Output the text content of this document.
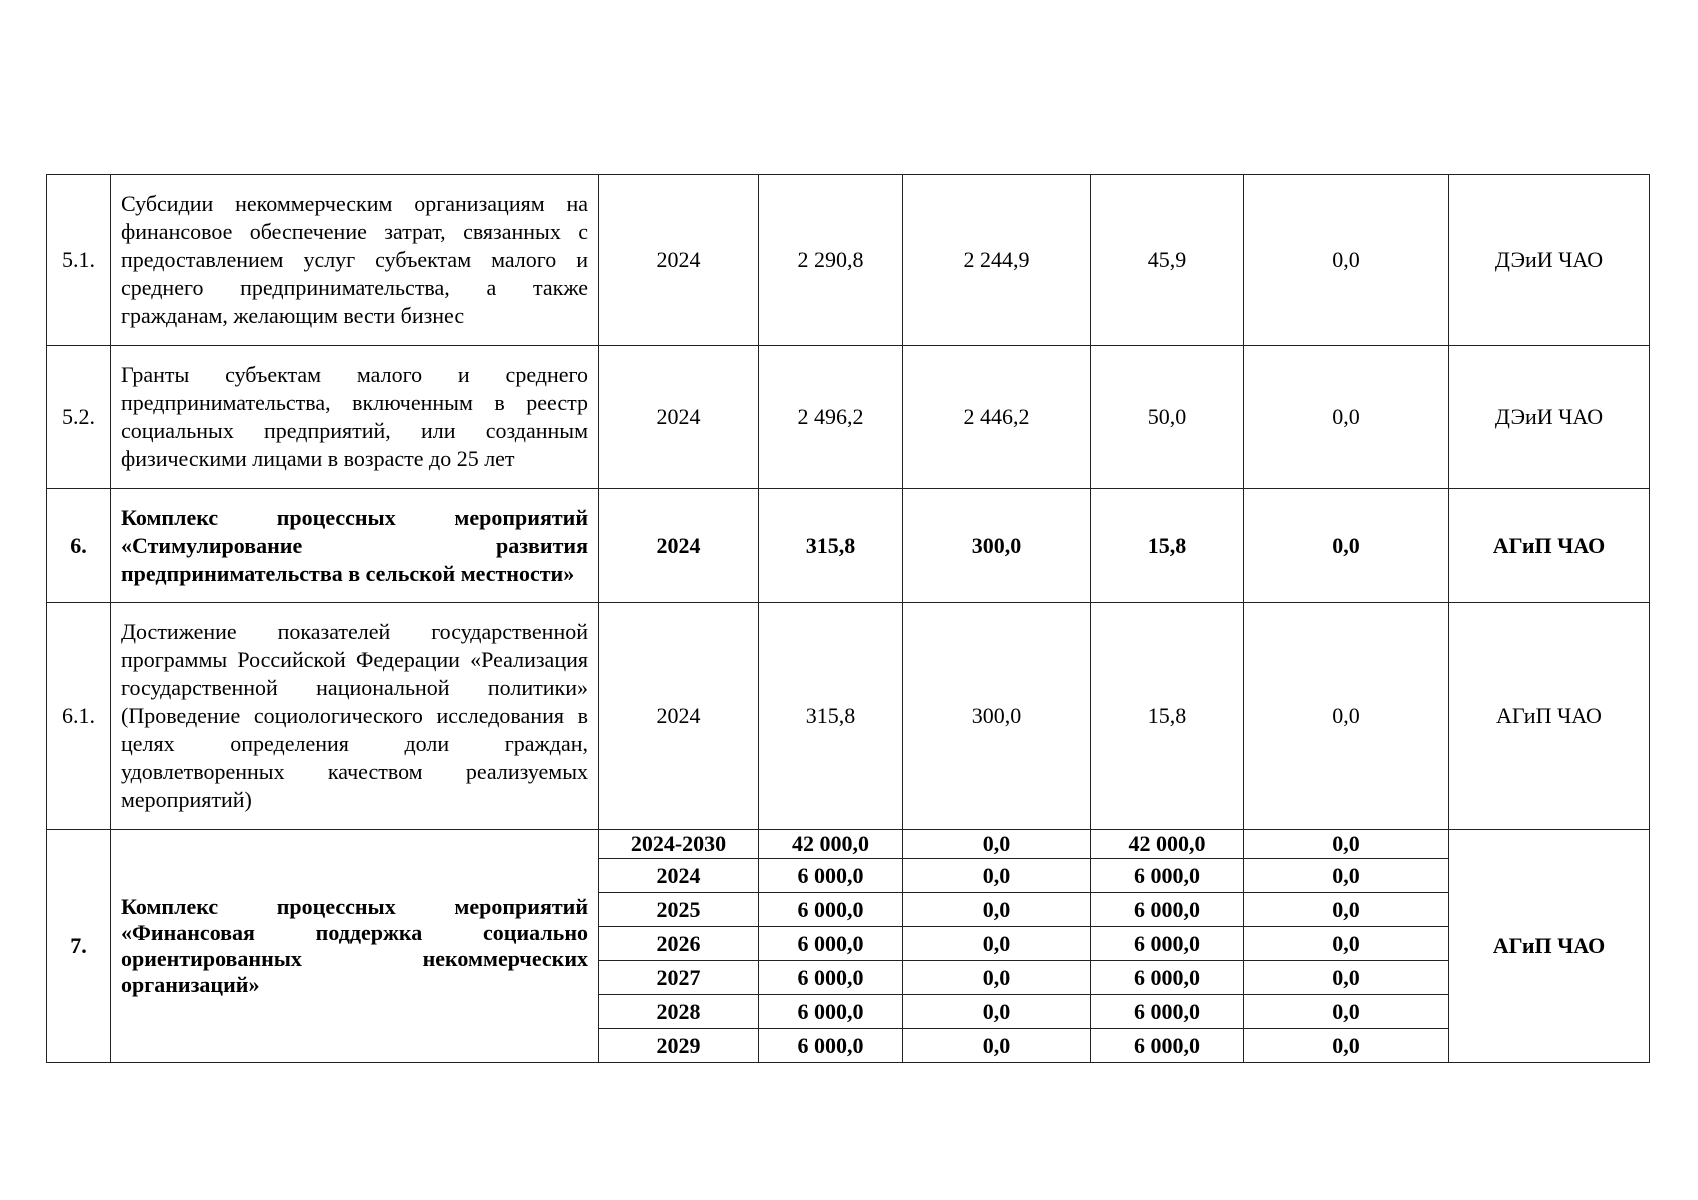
5.1.	Субсидии некоммерческим организациям на финансовое обеспечение затрат, связанных с предоставлением услуг субъектам малого и среднего предпринимательства, а также гражданам, желающим вести бизнес	2024	2 290,8	2 244,9	45,9	0,0	ДЭиИ ЧАО
5.2.	Гранты субъектам малого и среднего предпринимательства, включенным в реестр социальных предприятий, или созданным физическими лицами в возрасте до 25 лет	2024	2 496,2	2 446,2	50,0	0,0	ДЭиИ ЧАО
6.	Комплекс процессных мероприятий «Стимулирование развития предпринимательства в сельской местности»	2024	315,8	300,0	15,8	0,0	АГиП ЧАО
6.1.	Достижение показателей государственной программы Российской Федерации «Реализация государственной национальной политики» (Проведение социологического исследования в целях определения доли граждан, удовлетворенных качеством реализуемых мероприятий)	2024	315,8	300,0	15,8	0,0	АГиП ЧАО
7.	Комплекс процессных мероприятий «Финансовая поддержка социально ориентированных некоммерческих организаций»	2024-2030	42 000,0	0,0	42 000,0	0,0	АГиП ЧАО
		2024	6 000,0	0,0	6 000,0	0,0	
		2025	6 000,0	0,0	6 000,0	0,0	
		2026	6 000,0	0,0	6 000,0	0,0	
		2027	6 000,0	0,0	6 000,0	0,0	
		2028	6 000,0	0,0	6 000,0	0,0	
		2029	6 000,0	0,0	6 000,0	0,0	
